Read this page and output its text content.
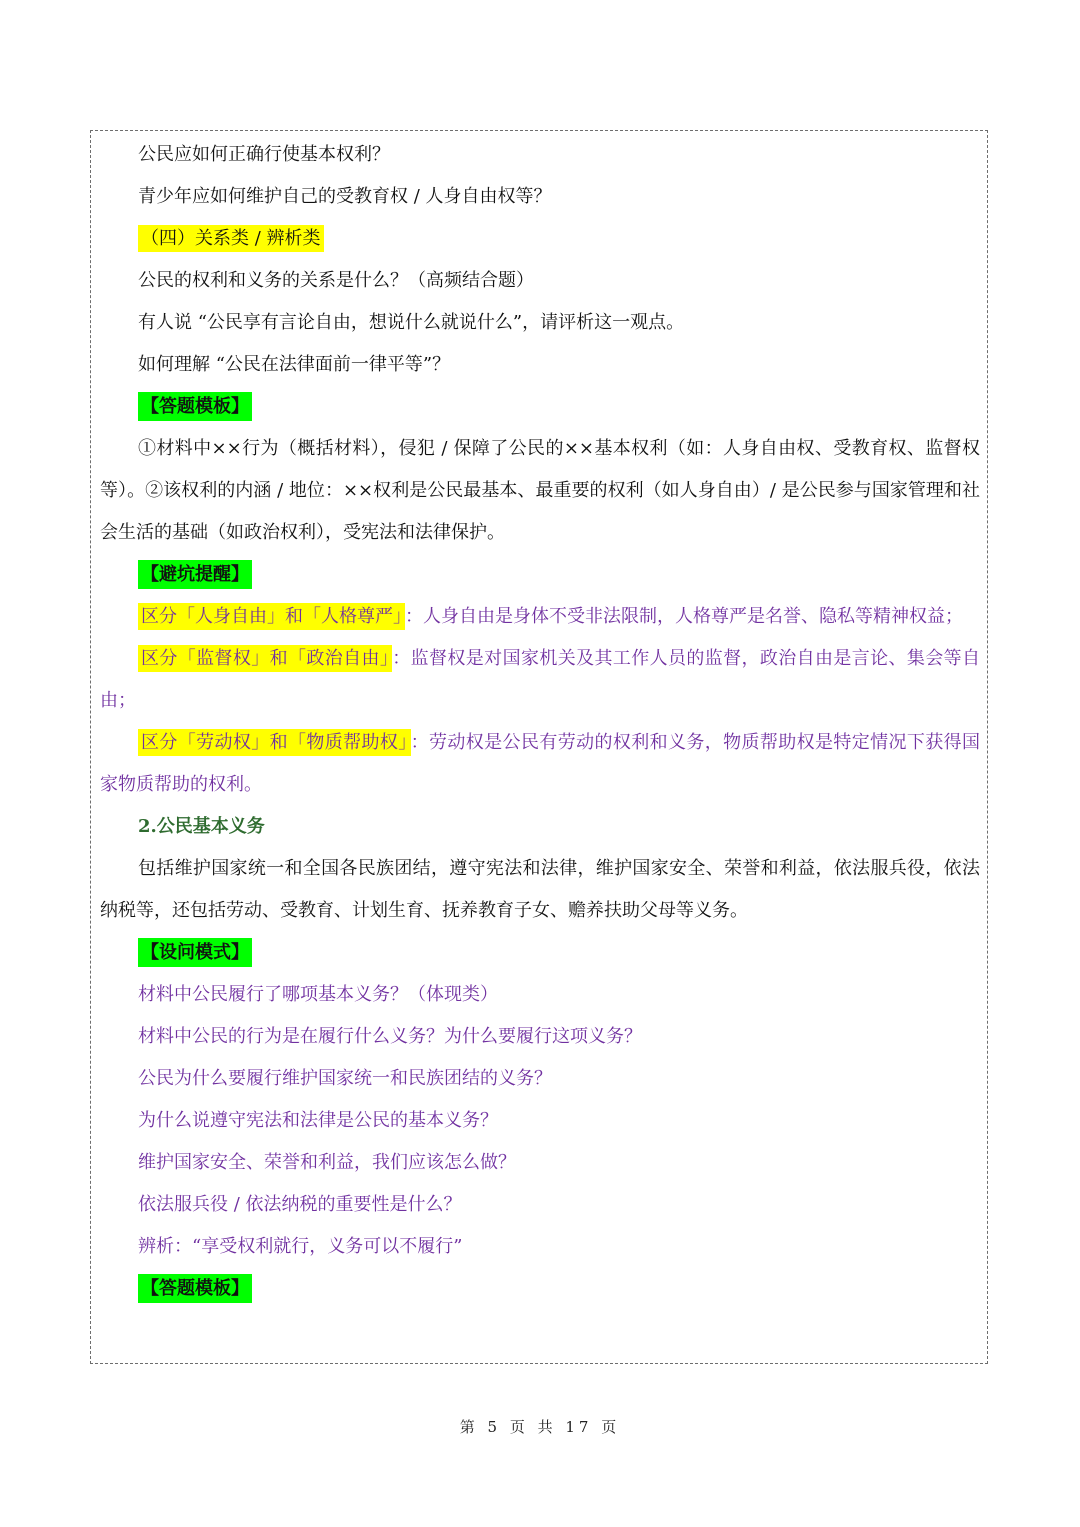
公民应如何正确行使基本权利？
青少年应如何维护自己的受教育权 / 人身自由权等？
（四）关系类 / 辨析类
公民的权利和义务的关系是什么？（高频结合题）
有人说 “公民享有言论自由，想说什么就说什么”，请评析这一观点。
如何理解 “公民在法律面前一律平等”？
【答题模板】

①材料中××行为（概括材料），侵犯 / 保障了公民的××基本权利（如：人身自由权、受教育权、监督权等）。②该权利的内涵 / 地位：××权利是公民最基本、最重要的权利（如人身自由）/ 是公民参与国家管理和社会生活的基础（如政治权利），受宪法和法律保护。

【避坑提醒】

区分「人身自由」和「人格尊严」 ：人身自由是身体不受非法限制，人格尊严是名誉、隐私等精神权益；

区分「监督权」和「政治自由」 ：监督权是对国家机关及其工作人员的监督，政治自由是言论、集会等自由；

区分「劳动权」和「物质帮助权」 ：劳动权是公民有劳动的权利和义务，物质帮助权是特定情况下获得国家物质帮助的权利。

2.公民基本义务

包括维护国家统一和全国各民族团结，遵守宪法和法律，维护国家安全、荣誉和利益，依法服兵役，依法纳税等，还包括劳动、受教育、计划生育、抚养教育子女、赡养扶助父母等义务。

【设问模式】
材料中公民履行了哪项基本义务？（体现类）
材料中公民的行为是在履行什么义务？为什么要履行这项义务？
公民为什么要履行维护国家统一和民族团结的义务？
为什么说遵守宪法和法律是公民的基本义务？
维护国家安全、荣誉和利益，我们应该怎么做？
依法服兵役 / 依法纳税的重要性是什么？
辨析：“享受权利就行，义务可以不履行”
【答题模板】
第 5 页 共 17 页
